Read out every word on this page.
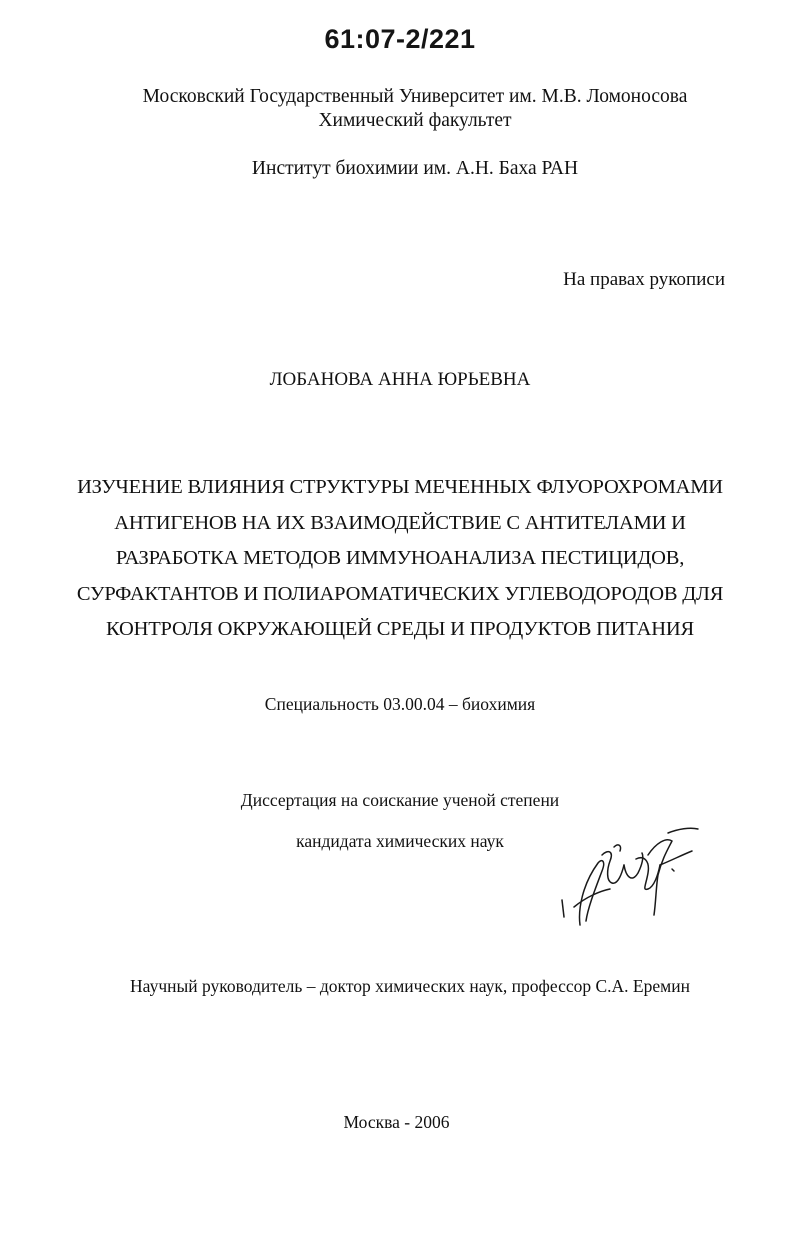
61:07-2/221
Московский Государственный Университет им. М.В. Ломоносова
Химический факультет
Институт биохимии им. А.Н. Баха РАН
На правах рукописи
ЛОБАНОВА АННА ЮРЬЕВНА
ИЗУЧЕНИЕ ВЛИЯНИЯ СТРУКТУРЫ МЕЧЕННЫХ ФЛУОРОХРОМАМИ
АНТИГЕНОВ НА ИХ ВЗАИМОДЕЙСТВИЕ С АНТИТЕЛАМИ И
РАЗРАБОТКА МЕТОДОВ ИММУНОАНАЛИЗА ПЕСТИЦИДОВ,
СУРФАКТАНТОВ И ПОЛИАРОМАТИЧЕСКИХ УГЛЕВОДОРОДОВ ДЛЯ
КОНТРОЛЯ ОКРУЖАЮЩЕЙ СРЕДЫ И ПРОДУКТОВ ПИТАНИЯ
Специальность 03.00.04 – биохимия
Диссертация на соискание ученой степени
кандидата химических наук
Научный руководитель – доктор химических наук, профессор С.А. Еремин
Москва - 2006
